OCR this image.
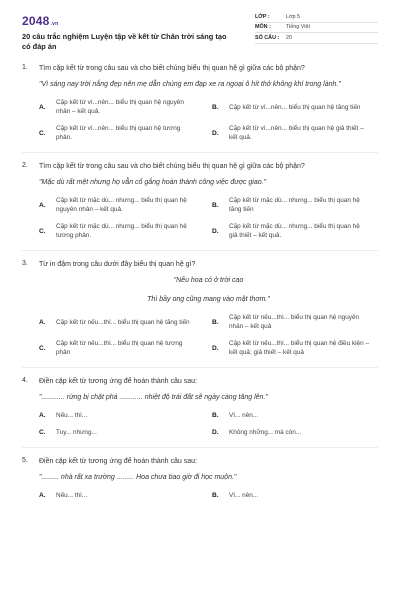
2048.vn
20 câu trắc nghiệm Luyện tập về kết từ Chân trời sáng tạo có đáp án
LỚP :	Lớp 5
MÔN :	Tiếng Việt
SỐ CÂU :	20
1. Tìm cặp kết từ trong câu sau và cho biết chúng biểu thị quan hệ gì giữa các bộ phận?
"Vì sáng nay trời nắng đẹp nên mẹ dẫn chúng em đạp xe ra ngoại ô hít thở không khí trong lành."
A.
Cặp kết từ vì...nên... biểu thị quan hệ nguyên nhân – kết quả.
B.	Cặp kết từ vì...nên... biểu thị quan hệ tăng tiến
C.
Cặp kết từ vì...nên... biểu thị quan hệ tương phản.
D.
Cặp kết từ vì...nên... biểu thị quan hệ giả thiết – kết quả.
2. Tìm cặp kết từ trong câu sau và cho biết chúng biểu thị quan hệ gì giữa các bộ phận?
"Mặc dù rất mệt nhưng họ vẫn cố gắng hoàn thành công việc được giao."
A.
Cặp kết từ mặc dù... nhưng... biểu thị quan hệ nguyên nhân – kết quả.
B.
Cặp kết từ mặc dù... nhưng... biểu thị quan hệ tăng tiến
C.
Cặp kết từ mặc dù... nhưng... biểu thị quan hệ tương phản.
D.
Cặp kết từ mặc dù... nhưng... biểu thị quan hệ giả thiết – kết quả.
3. Từ in đậm trong câu dưới đây biểu thị quan hệ gì?
"Nếu hoa có ở trời cao
Thì bầy ong cũng mang vào mật thơm."
A.	Cặp kết từ nếu...thì... biểu thị quan hệ tăng tiến	B.
Cặp kết từ nếu...thì... biểu thị quan hệ nguyên nhân – kết quả
C.
Cặp kết từ nếu...thì... biểu thị quan hệ tương phản
D.
Cặp kết từ nếu...thì... biểu thị quan hệ điều kiện – kết quả; giả thiết – kết quả
4. Điền cặp kết từ tương ứng để hoàn thành câu sau:
"............ rừng bị chặt phá ............ nhiệt độ trái đất sẽ ngày càng tăng lên."
A.	Nếu... thì...	B.	Vì... nên...
C.	Tuy... nhưng...	D.	Không những... mà còn...
5. Điền cặp kết từ tương ứng để hoàn thành câu sau:
"......... nhà rất xa trường ......... Hoa chưa bao giờ đi học muộn."
A.	Nếu... thì...	B.	Vì... nên...
